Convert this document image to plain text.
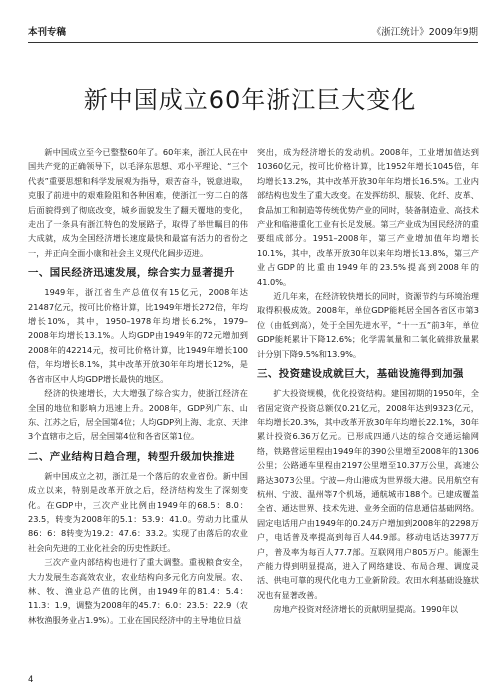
本刊专稿	《浙江统计》2009年9期
新中国成立60年浙江巨大变化

新中国成立至今已整整60年了。60年来，浙江人民在中国共产党的正确领导下，以毛泽东思想、邓小平理论、“三个代表”重要思想和科学发展观为指导，艰苦奋斗，锐意进取，克服了前进中的艰难险阻和各种困难，使浙江一穷二白的落后面貌得到了彻底改变，城乡面貌发生了翻天覆地的变化，走出了一条具有浙江特色的发展路子，取得了举世瞩目的伟大成就，成为全国经济增长速度最快和最富有活力的省份之一，并正向全面小康和社会主义现代化阔步迈进。

一、国民经济迅速发展，综合实力显著提升

1949年，浙江省生产总值仅有15亿元，2008年达21487亿元，按可比价格计算，比1949年增长272倍，年均增长10%，其中，1950–1978年均增长6.2%，1979–2008年均增长13.1%。人均GDP由1949年的72元增加到2008年的42214元，按可比价格计算，比1949年增长100倍，年均增长8.1%，其中改革开放30年年均增长12%，是各省市区中人均GDP增长最快的地区。

经济的快速增长，大大增强了综合实力，使浙江经济在全国的地位和影响力迅速上升。2008年，GDP列广东、山东、江苏之后，居全国第4位；人均GDP列上海、北京、天津3个直辖市之后，居全国第4位和各省区第1位。

二、产业结构日趋合理，转型升级加快推进

新中国成立之初，浙江是一个落后的农业省份。新中国成立以来，特别是改革开放之后，经济结构发生了深刻变化。在GDP中，三次产业比例由1949年的68.5：8.0：23.5，转变为2008年的5.1：53.9：41.0。劳动力比重从86：6：8转变为19.2：47.6：33.2。实现了由落后的农业社会向先进的工业化社会的历史性跃迁。

三次产业内部结构也进行了重大调整。重视粮食安全，大力发展生态高效农业，农业结构向多元化方向发展。农、林、牧、渔业总产值的比例，由1949年的81.4：5.4：11.3：1.9，调整为2008年的45.7：6.0：23.5：22.9（农林牧渔服务业占1.9%）。工业在国民经济中的主导地位日益

突出，成为经济增长的发动机。2008年，工业增加值达到10360亿元，按可比价格计算，比1952年增长1045倍，年均增长13.2%，其中改革开放30年年均增长16.5%。工业内部结构也发生了重大改变。在发挥纺织、服装、化纤、皮革、食品加工和制造等传统优势产业的同时，装备制造业、高技术产业和临港重化工业有长足发展。第三产业成为国民经济的重要组成部分。1951–2008年，第三产业增加值年均增长10.1%，其中，改革开放30年以来年均增长13.8%，第三产业占GDP的比重由1949年的23.5%提高到2008年的41.0%。

近几年来，在经济较快增长的同时，资源节约与环境治理取得积极成效。2008年，单位GDP能耗居全国各省区市第3位（由低到高），处于全国先进水平，“十一五”前3年，单位GDP能耗累计下降12.6%；化学需氧量和二氧化硫排放量累计分别下降9.5%和13.9%。

三、投资建设成就巨大，基础设施得到加强

扩大投资规模，优化投资结构。建国初期的1950年，全省固定资产投资总额仅0.21亿元，2008年达到9323亿元，年均增长20.3%，其中改革开放30年年均增长22.1%，30年累计投资6.36万亿元。已形成四通八达的综合交通运输网络，铁路营运里程由1949年的390公里增至2008年的1306公里；公路通车里程由2197公里增至10.37万公里，高速公路达3073公里。宁波—舟山港成为世界级大港。民用航空有杭州、宁波、温州等7个机场，通航城市188个。已建成覆盖全省、通达世界、技术先进、业务全面的信息通信基础网络。固定电话用户由1949年的0.24万户增加到2008年的2298万户，电话普及率提高到每百人44.9部。移动电话达3977万户，普及率为每百人77.7部。互联网用户805万户。能源生产能力得到明显提高，进入了网络建设、布局合理、调度灵活、供电可靠的现代化电力工业新阶段。农田水利基础设施状况也有显著改善。

房地产投资对经济增长的贡献明显提高。1990年以

4
